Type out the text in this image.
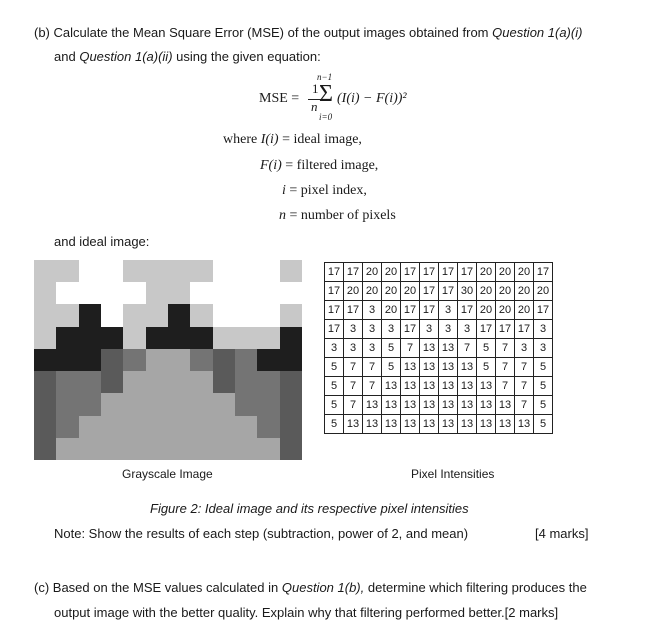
(b) Calculate the Mean Square Error (MSE) of the output images obtained from Question 1(a)(i)
and Question 1(a)(ii) using the given equation:
MSE =
1
n
n−1
Σ
i=0
(I(i) − F(i))²
where I(i) = ideal image,
F(i) = filtered image,
i = pixel index,
n = number of pixels
and ideal image:
17	17	20	20	17	17	17	17	20	20	20	17
17	20	20	20	20	17	17	30	20	20	20	20
17	17	3	20	17	17	3	17	20	20	20	17
17	3	3	3	17	3	3	3	17	17	17	3
3	3	3	5	7	13	13	7	5	7	3	3
5	7	7	5	13	13	13	13	5	7	7	5
5	7	7	13	13	13	13	13	13	7	7	5
5	7	13	13	13	13	13	13	13	13	7	5
5	13	13	13	13	13	13	13	13	13	13	5
Grayscale Image	Pixel Intensities
Figure 2: Ideal image and its respective pixel intensities
Note: Show the results of each step (subtraction, power of 2, and mean)	[4 marks]
(c) Based on the MSE values calculated in Question 1(b), determine which filtering produces the
output image with the better quality. Explain why that filtering performed better.[2 marks]
